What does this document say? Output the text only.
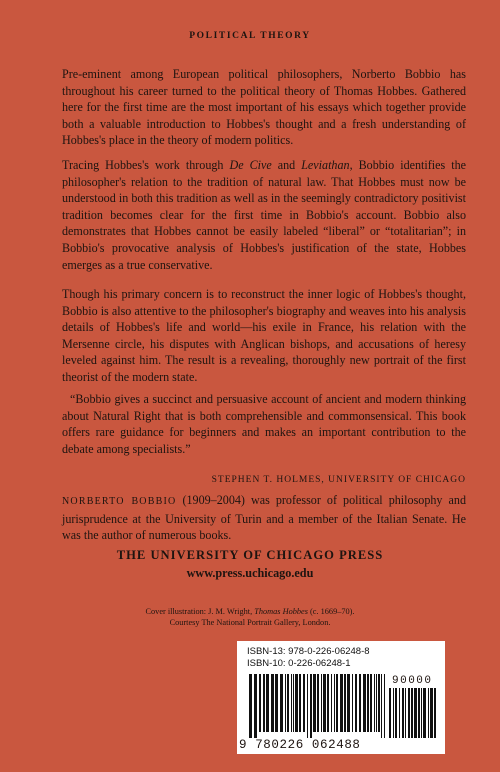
POLITICAL THEORY

Pre-eminent among European political philosophers, Norberto Bobbio has throughout his career turned to the political theory of Thomas Hobbes. Gathered here for the first time are the most important of his essays which together provide both a valuable introduction to Hobbes's thought and a fresh understanding of Hobbes's place in the theory of modern politics.

Tracing Hobbes's work through De Cive and Leviathan, Bobbio identifies the philosopher's relation to the tradition of natural law. That Hobbes must now be understood in both this tradition as well as in the seemingly contradictory positivist tradition becomes clear for the first time in Bobbio's account. Bobbio also demonstrates that Hobbes cannot be easily labeled “liberal” or “totalitarian”; in Bobbio's provocative analysis of Hobbes's justification of the state, Hobbes emerges as a true conservative.

Though his primary concern is to reconstruct the inner logic of Hobbes's thought, Bobbio is also attentive to the philosopher's biography and weaves into his analysis details of Hobbes's life and world—his exile in France, his relation with the Mersenne circle, his disputes with Anglican bishops, and accusations of heresy leveled against him. The result is a revealing, thoroughly new portrait of the first theorist of the modern state.

“Bobbio gives a succinct and persuasive account of ancient and modern thinking about Natural Right that is both comprehensible and commonsensical. This book offers rare guidance for beginners and makes an important contribution to the debate among specialists.”

STEPHEN T. HOLMES, UNIVERSITY OF CHICAGO

NORBERTO BOBBIO (1909–2004) was professor of political philosophy and jurisprudence at the University of Turin and a member of the Italian Senate. He was the author of numerous books.

THE UNIVERSITY OF CHICAGO PRESS
www.press.uchicago.edu
Cover illustration: J. M. Wright, Thomas Hobbes (c. 1669–70).
Courtesy The National Portrait Gallery, London.
ISBN-13: 978-0-226-06248-8
ISBN-10: 0-226-06248-1
90000
9 780226 062488
